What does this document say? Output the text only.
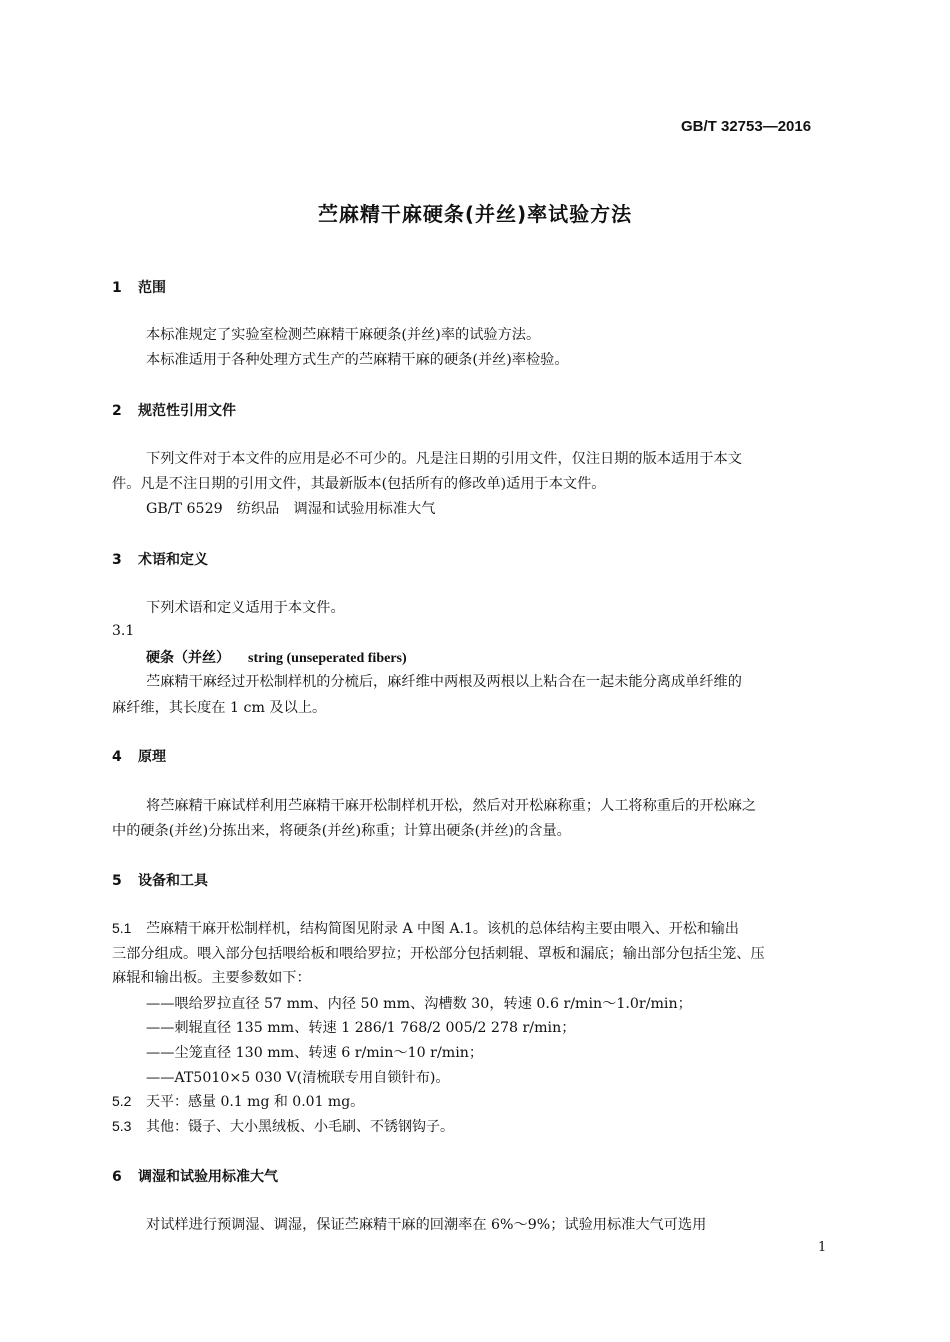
GB/T 32753—2016
苎麻精干麻硬条(并丝)率试验方法
1 范围
本标准规定了实验室检测苎麻精干麻硬条(并丝)率的试验方法。
本标准适用于各种处理方式生产的苎麻精干麻的硬条(并丝)率检验。
2 规范性引用文件
下列文件对于本文件的应用是必不可少的。凡是注日期的引用文件，仅注日期的版本适用于本文
件。凡是不注日期的引用文件，其最新版本(包括所有的修改单)适用于本文件。
GB/T 6529　纺织品　调湿和试验用标准大气
3 术语和定义
下列术语和定义适用于本文件。
3.1
硬条（并丝） string (unseperated fibers)
苎麻精干麻经过开松制样机的分梳后，麻纤维中两根及两根以上粘合在一起未能分离成单纤维的
麻纤维，其长度在 1 cm 及以上。
4 原理
将苎麻精干麻试样利用苎麻精干麻开松制样机开松，然后对开松麻称重；人工将称重后的开松麻之
中的硬条(并丝)分拣出来，将硬条(并丝)称重；计算出硬条(并丝)的含量。
5 设备和工具
5.1 苎麻精干麻开松制样机，结构简图见附录 A 中图 A.1。该机的总体结构主要由喂入、开松和输出
三部分组成。喂入部分包括喂给板和喂给罗拉；开松部分包括刺辊、罩板和漏底；输出部分包括尘笼、压
麻辊和输出板。主要参数如下：
——喂给罗拉直径 57 mm、内径 50 mm、沟槽数 30，转速 0.6 r/min～1.0r/min；
——刺辊直径 135 mm、转速 1 286/1 768/2 005/2 278 r/min；
——尘笼直径 130 mm、转速 6 r/min～10 r/min；
——AT5010×5 030 V(清梳联专用自锁针布)。
5.2 天平：感量 0.1 mg 和 0.01 mg。
5.3 其他：镊子、大小黑绒板、小毛刷、不锈钢钩子。
6 调湿和试验用标准大气
对试样进行预调湿、调湿，保证苎麻精干麻的回潮率在 6%～9%；试验用标准大气可选用
1
